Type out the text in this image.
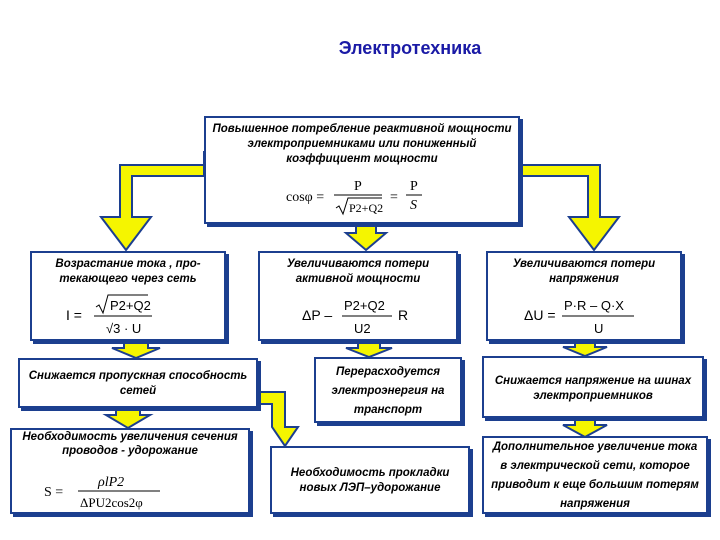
Электротехника
Повышенное потребление реактивной мощности электроприемниками или пониженный коэффициент мощности
cosφ =
P
P2+Q2
=
P
S
Возрастание тока , про-текающего через сеть
I =
P2+Q2
√3 · U
Увеличиваются потери активной мощности
ΔP –
P2+Q2
U2
R
Увеличиваются потери напряжения
ΔU =
P·R – Q·X
U
Снижается пропускная способность сетей
Перерасходуется электроэнергия на транспорт
Снижается напряжение на шинах электроприемников
Необходимость увеличения сечения проводов - удорожание
S =
ρlP2
ΔPU2cos2φ
Необходимость прокладки новых ЛЭП–удорожание
Дополнительное увеличение тока в электрической сети, которое приводит к еще большим потерям напряжения
